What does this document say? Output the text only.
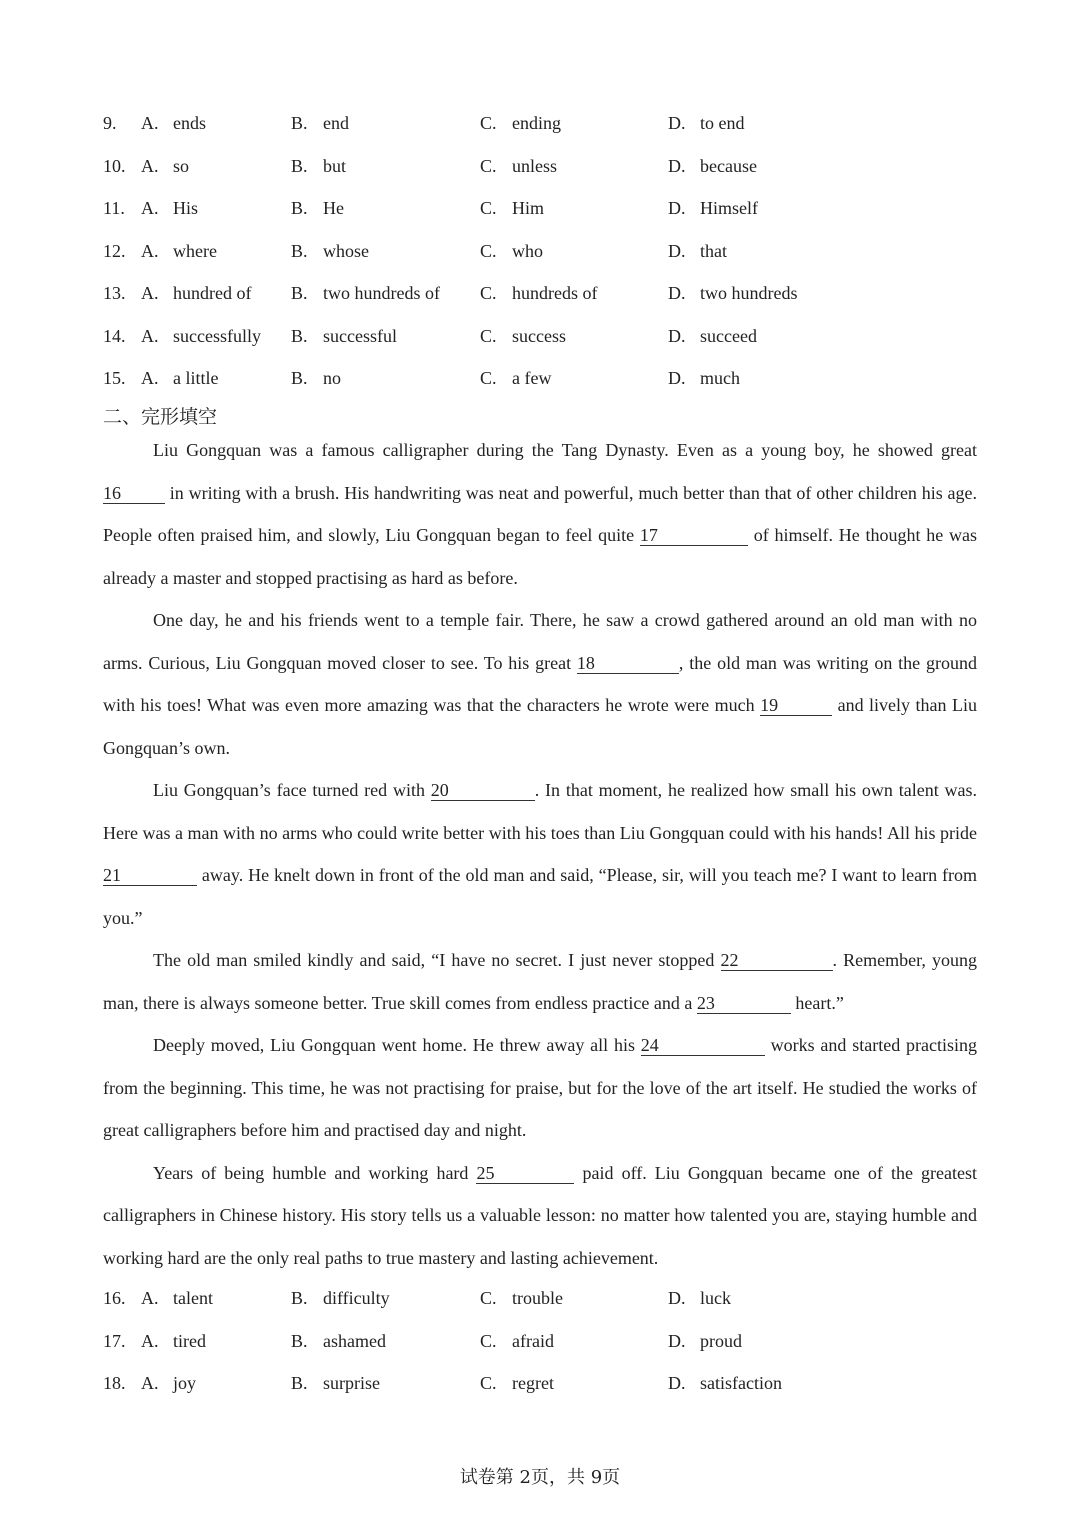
9. A. ends	B. end	C. ending	D. to end
10. A. so	B. but	C. unless	D. because
11. A. His	B. He	C. Him	D. Himself
12. A. where	B. whose	C. who	D. that
13. A. hundred of B. two hundreds of C. hundreds of	D. two hundreds
14. A. successfully B. successful	C. success	D. succeed
15. A. a little	B. no	C. a few	D. much
二、完形填空

Liu Gongquan was a famous calligrapher during the Tang Dynasty. Even as a young boy, he showed great 16 in writing with a brush. His handwriting was neat and powerful, much better than that of other children his age. People often praised him, and slowly, Liu Gongquan began to feel quite 17	of himself. He thought he was already a master and stopped practising as hard as before.

One day, he and his friends went to a temple fair. There, he saw a crowd gathered around an old man with no arms. Curious, Liu Gongquan moved closer to see. To his great 18	, the old man was writing on the ground with his toes! What was even more amazing was that the characters he wrote were much 19	and lively than Liu Gongquan’s own.

Liu Gongquan’s face turned red with 20	. In that moment, he realized how small his own talent was. Here was a man with no arms who could write better with his toes than Liu Gongquan could with his hands! All his pride 21	away. He knelt down in front of the old man and said, “Please, sir, will you teach me? I want to learn from you.”

The old man smiled kindly and said, “I have no secret. I just never stopped 22	. Remember, young man, there is always someone better. True skill comes from endless practice and a 23	heart.”

Deeply moved, Liu Gongquan went home. He threw away all his 24	works and started practising from the beginning. This time, he was not practising for praise, but for the love of the art itself. He studied the works of great calligraphers before him and practised day and night.

Years of being humble and working hard 25	paid off. Liu Gongquan became one of the greatest calligraphers in Chinese history. His story tells us a valuable lesson: no matter how talented you are, staying humble and working hard are the only real paths to true mastery and lasting achievement.

16. A. talent	B. difficulty	C. trouble	D. luck
17. A. tired	B. ashamed	C. afraid	D. proud
18. A. joy	B. surprise	C. regret	D. satisfaction
试卷第 2页，共 9页
